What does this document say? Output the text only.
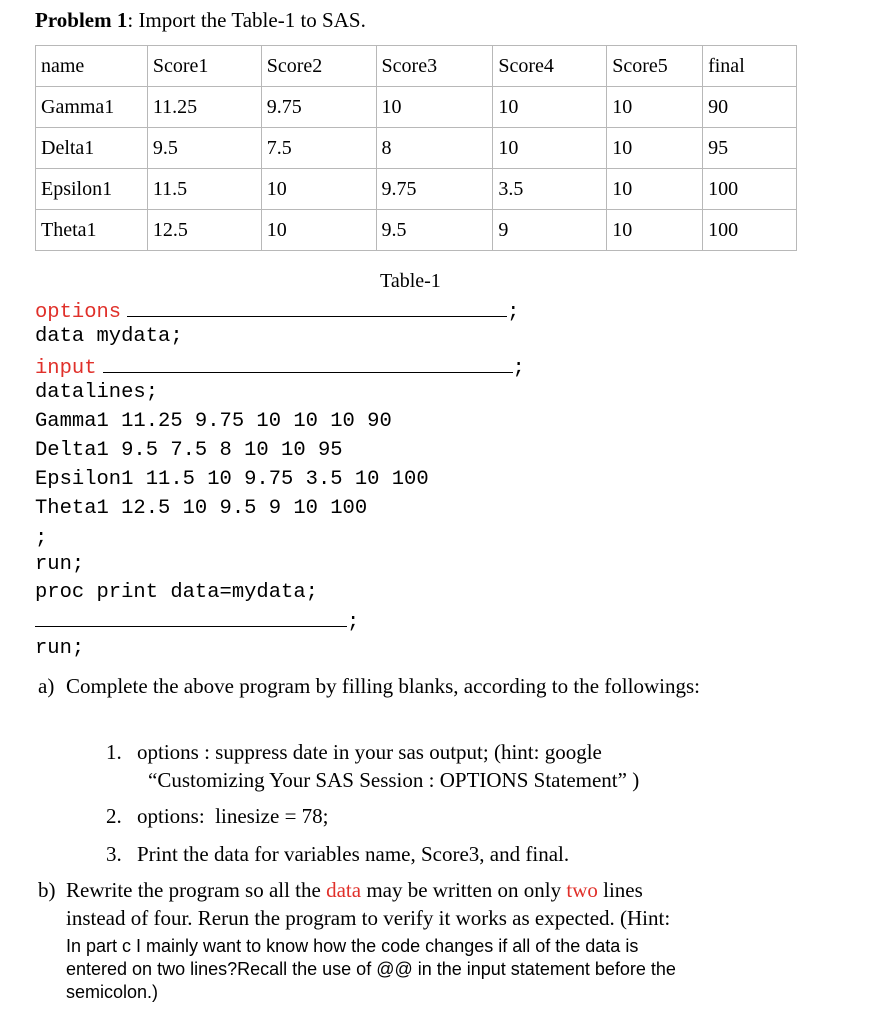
Problem 1: Import the Table-1 to SAS.
name	Score1	Score2	Score3	Score4	Score5	final
Gamma1	11.25	9.75	10	10	10	90
Delta1	9.5	7.5	8	10	10	95
Epsilon1	11.5	10	9.75	3.5	10	100
Theta1	12.5	10	9.5	9	10	100
Table-1
options	;
data mydata;
input	;
datalines;
Gamma1 11.25 9.75 10 10 10 90
Delta1 9.5 7.5 8 10 10 95
Epsilon1 11.5 10 9.75 3.5 10 100
Theta1 12.5 10 9.5 9 10 100
;
run;
proc print data=mydata;
;
run;
a) Complete the above program by filling blanks, according to the followings:
1. options : suppress date in your sas output; (hint: google
“Customizing Your SAS Session : OPTIONS Statement” )
2. options:  linesize = 78;
3. Print the data for variables name, Score3, and final.
b) Rewrite the program so all the data may be written on only two lines
instead of four. Rerun the program to verify it works as expected. (Hint:
In part c I mainly want to know how the code changes if all of the data is
entered on two lines?Recall the use of @@ in the input statement before the
semicolon.)
